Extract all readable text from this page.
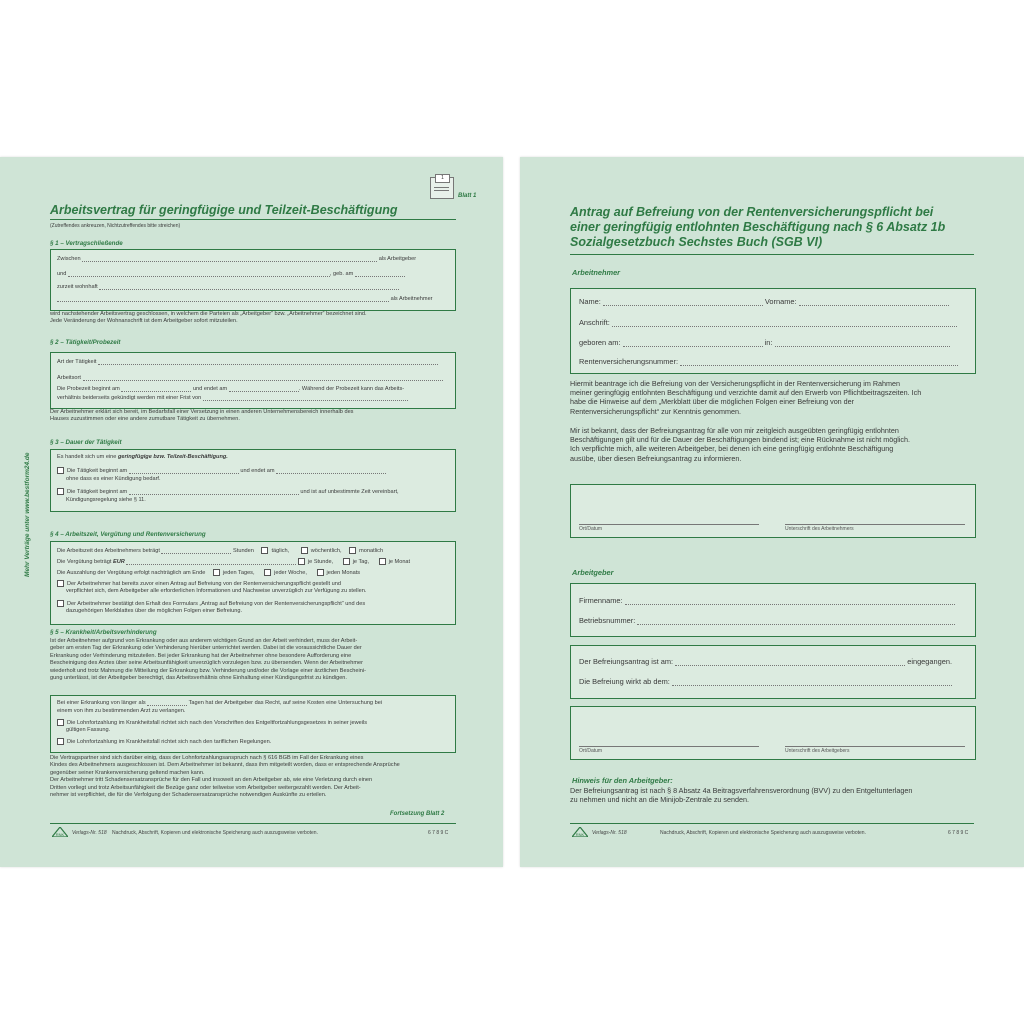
1
Blatt 1
Arbeitsvertrag für geringfügige und Teilzeit-Beschäftigung
(Zutreffendes ankreuzen, Nichtzutreffendes bitte streichen)
Mehr Verträge unter www.bestform24.de
§ 1 – Vertragschließende
Zwischen	als Arbeitgeber
und	, geb. am
zurzeit wohnhaft
als Arbeitnehmer
wird nachstehender Arbeitsvertrag geschlossen, in welchem die Parteien als „Arbeitgeber“ bzw. „Arbeitnehmer“ bezeichnet sind.
Jede Veränderung der Wohnanschrift ist dem Arbeitgeber sofort mitzuteilen.
§ 2 – Tätigkeit/Probezeit
Art der Tätigkeit
Arbeitsort
Die Probezeit beginnt am	und endet am	. Während der Probezeit kann das Arbeits-
verhältnis beiderseits gekündigt werden mit einer Frist von
Der Arbeitnehmer erklärt sich bereit, im Bedarfsfall einer Versetzung in einen anderen Unternehmensbereich innerhalb des
Hauses zuzustimmen oder eine andere zumutbare Tätigkeit zu übernehmen.
§ 3 – Dauer der Tätigkeit
Es handelt sich um eine geringfügige bzw. Teilzeit-Beschäftigung.
Die Tätigkeit beginnt am	und endet am
ohne dass es einer Kündigung bedarf.
Die Tätigkeit beginnt am	und ist auf unbestimmte Zeit vereinbart,
Kündigungsregelung siehe § 11.
§ 4 – Arbeitszeit, Vergütung und Rentenversicherung
Die Arbeitszeit des Arbeitnehmers beträgt	Stunden	täglich,	wöchentlich,	monatlich
Die Vergütung beträgt EUR	je Stunde,	je Tag,	je Monat
Die Auszahlung der Vergütung erfolgt nachträglich am Ende	jeden Tages,	jeder Woche,	jeden Monats
Der Arbeitnehmer hat bereits zuvor einen Antrag auf Befreiung von der Rentenversicherungspflicht gestellt und
verpflichtet sich, dem Arbeitgeber alle erforderlichen Informationen und Nachweise unverzüglich zur Verfügung zu stellen.
Der Arbeitnehmer bestätigt den Erhalt des Formulars „Antrag auf Befreiung von der Rentenversicherungspflicht“ und des
dazugehörigen Merkblattes über die möglichen Folgen einer Befreiung.
§ 5 – Krankheit/Arbeitsverhinderung
Ist der Arbeitnehmer aufgrund von Erkrankung oder aus anderem wichtigen Grund an der Arbeit verhindert, muss der Arbeit-
geber am ersten Tag der Erkrankung oder Verhinderung hierüber unterrichtet werden. Dabei ist die voraussichtliche Dauer der
Erkrankung oder Verhinderung mitzuteilen. Bei jeder Erkrankung hat der Arbeitnehmer ohne besondere Aufforderung eine
Bescheinigung des Arztes über seine Arbeitsunfähigkeit unverzüglich vorzulegen bzw. zu übersenden. Wenn der Arbeitnehmer
wiederholt und trotz Mahnung die Mitteilung der Erkrankung bzw. Verhinderung und/oder die Vorlage einer ärztlichen Bescheini-
gung unterlässt, ist der Arbeitgeber berechtigt, das Arbeitsverhältnis ohne Einhaltung einer Kündigungsfrist zu kündigen.
Bei einer Erkrankung von länger als	Tagen hat der Arbeitgeber das Recht, auf seine Kosten eine Untersuchung bei
einem von ihm zu bestimmenden Arzt zu verlangen.
Die Lohnfortzahlung im Krankheitsfall richtet sich nach den Vorschriften des Entgeltfortzahlungsgesetzes in seiner jeweils
gültigen Fassung.
Die Lohnfortzahlung im Krankheitsfall richtet sich nach den tariflichen Regelungen.
Die Vertragspartner sind sich darüber einig, dass der Lohnfortzahlungsanspruch nach § 616 BGB im Fall der Erkrankung eines
Kindes des Arbeitnehmers ausgeschlossen ist. Dem Arbeitnehmer ist bekannt, dass ihm mitgeteilt worden, dass er entsprechende Ansprüche
gegenüber seiner Krankenversicherung geltend machen kann.
Der Arbeitnehmer tritt Schadensersatzansprüche für den Fall und insoweit an den Arbeitgeber ab, wie eine Verletzung durch einen
Dritten vorliegt und trotz Arbeitsunfähigkeit die Bezüge ganz oder teilweise vom Arbeitgeber weitergezahlt werden. Der Arbeit-
nehmer ist verpflichtet, die für die Verfolgung der Schadensersatzansprüche notwendigen Auskünfte zu erteilen.
Fortsetzung Blatt 2
RNK Verlags-Nr. 518 Nachdruck, Abschrift, Kopieren und elektronische Speicherung auch auszugsweise verboten.	6 7 8 9 C
Antrag auf Befreiung von der Rentenversicherungspflicht bei
einer geringfügig entlohnten Beschäftigung nach § 6 Absatz 1b
Sozialgesetzbuch Sechstes Buch (SGB VI)
Arbeitnehmer
Name:	Vorname:
Anschrift:
geboren am:	in:
Rentenversicherungsnummer:
Hiermit beantrage ich die Befreiung von der Versicherungspflicht in der Rentenversicherung im Rahmen
meiner geringfügig entlohnten Beschäftigung und verzichte damit auf den Erwerb von Pflichtbeitragszeiten. Ich
habe die Hinweise auf dem „Merkblatt über die möglichen Folgen einer Befreiung von der
Rentenversicherungspflicht“ zur Kenntnis genommen.
Mir ist bekannt, dass der Befreiungsantrag für alle von mir zeitgleich ausgeübten geringfügig entlohnten
Beschäftigungen gilt und für die Dauer der Beschäftigungen bindend ist; eine Rücknahme ist nicht möglich.
Ich verpflichte mich, alle weiteren Arbeitgeber, bei denen ich eine geringfügig entlohnte Beschäftigung
ausübe, über diesen Befreiungsantrag zu informieren.
Ort/Datum	Unterschrift des Arbeitnehmers
Arbeitgeber
Firmenname:
Betriebsnummer:
Der Befreiungsantrag ist am:	eingegangen.
Die Befreiung wirkt ab dem:
Ort/Datum	Unterschrift des Arbeitgebers
Hinweis für den Arbeitgeber:
Der Befreiungsantrag ist nach § 8 Absatz 4a Beitragsverfahrensverordnung (BVV) zu den Entgeltunterlagen
zu nehmen und nicht an die Minijob-Zentrale zu senden.
RNK Verlags-Nr. 518	Nachdruck, Abschrift, Kopieren und elektronische Speicherung auch auszugsweise verboten.	6 7 8 9 C
